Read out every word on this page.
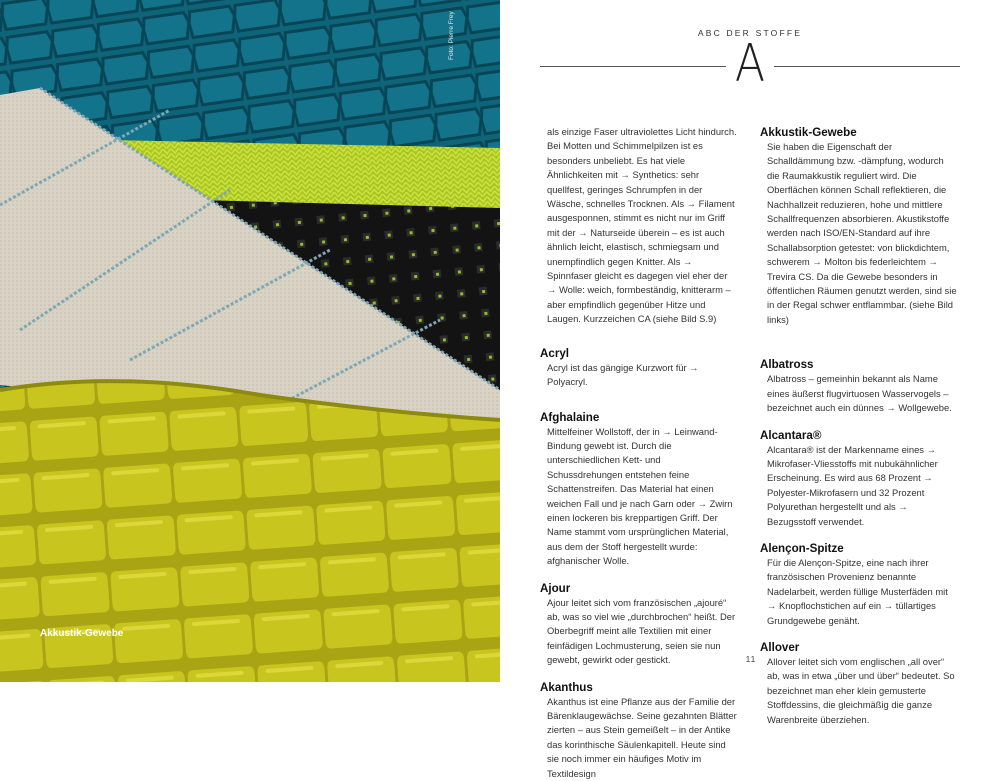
Foto: Pierre Frey
Akkustik-Gewebe
ABC DER STOFFE
A

als einzige Faser ultraviolettes Licht hindurch. Bei Motten und Schimmelpilzen ist es besonders unbeliebt. Es hat viele Ähnlichkeiten mit → Synthetics: sehr quellfest, geringes Schrumpfen in der Wäsche, schnelles Trocknen. Als → Filament ausgesponnen, stimmt es nicht nur im Griff mit der → Naturseide überein – es ist auch ähnlich leicht, elastisch, schmiegsam und unempfindlich gegen Knitter. Als → Spinnfaser gleicht es dagegen viel eher der → Wolle: weich, formbeständig, knitterarm – aber empfindlich gegenüber Hitze und Laugen. Kurzzeichen CA (siehe Bild S.9)

Acryl

Acryl ist das gängige Kurzwort für → Polyacryl.

Afghalaine

Mittelfeiner Wollstoff, der in → Leinwand-Bindung gewebt ist. Durch die unterschiedlichen Kett- und Schussdrehungen entstehen feine Schattenstreifen. Das Material hat einen weichen Fall und je nach Garn oder → Zwirn einen lockeren bis kreppartigen Griff. Der Name stammt vom ursprünglichen Material, aus dem der Stoff hergestellt wurde: afghanischer Wolle.

Ajour

Ajour leitet sich vom französischen „ajouré“ ab, was so viel wie „durchbrochen“ heißt. Der Oberbegriff meint alle Textilien mit einer feinfädigen Lochmusterung, seien sie nun gewebt, gewirkt oder gestickt.

Akanthus

Akanthus ist eine Pflanze aus der Familie der Bärenklaugewächse. Seine gezahnten Blätter zierten – aus Stein gemeißelt – in der Antike das korinthische Säulenkapitell. Heute sind sie noch immer ein häufiges Motiv im Textildesign

Akkustik-Gewebe

Sie haben die Eigenschaft der Schalldämmung bzw. -dämpfung, wodurch die Raumakkustik reguliert wird. Die Oberflächen können Schall reflektieren, die Nachhallzeit reduzieren, hohe und mittlere Schallfrequenzen absorbieren. Akustikstoffe werden nach ISO/EN-Standard auf ihre Schallabsorption getestet: von blickdichtem, schwerem → Molton bis federleichtem → Trevira CS. Da die Gewebe besonders in öffentlichen Räumen genutzt werden, sind sie in der Regal schwer entflammbar. (siehe Bild links)

Albatross

Albatross – gemeinhin bekannt als Name eines äußerst flugvirtuosen Wasservogels – bezeichnet auch ein dünnes → Wollgewebe.

Alcantara®

Alcantara® ist der Markenname eines → Mikrofaser-Vliesstoffs mit nubukähnlicher Erscheinung. Es wird aus 68 Prozent → Polyester-Mikrofasern und 32 Prozent Polyurethan hergestellt und als → Bezugsstoff verwendet.

Alençon-Spitze

Für die Alençon-Spitze, eine nach ihrer französischen Provenienz benannte Nadelarbeit, werden füllige Musterfäden mit → Knopflochstichen auf ein → tüllartiges Grundgewebe genäht.

Allover

Allover leitet sich vom englischen „all over“ ab, was in etwa „über und über“ bedeutet. So bezeichnet man eher klein gemusterte Stoffdessins, die gleichmäßig die ganze Warenbreite überziehen.

11
